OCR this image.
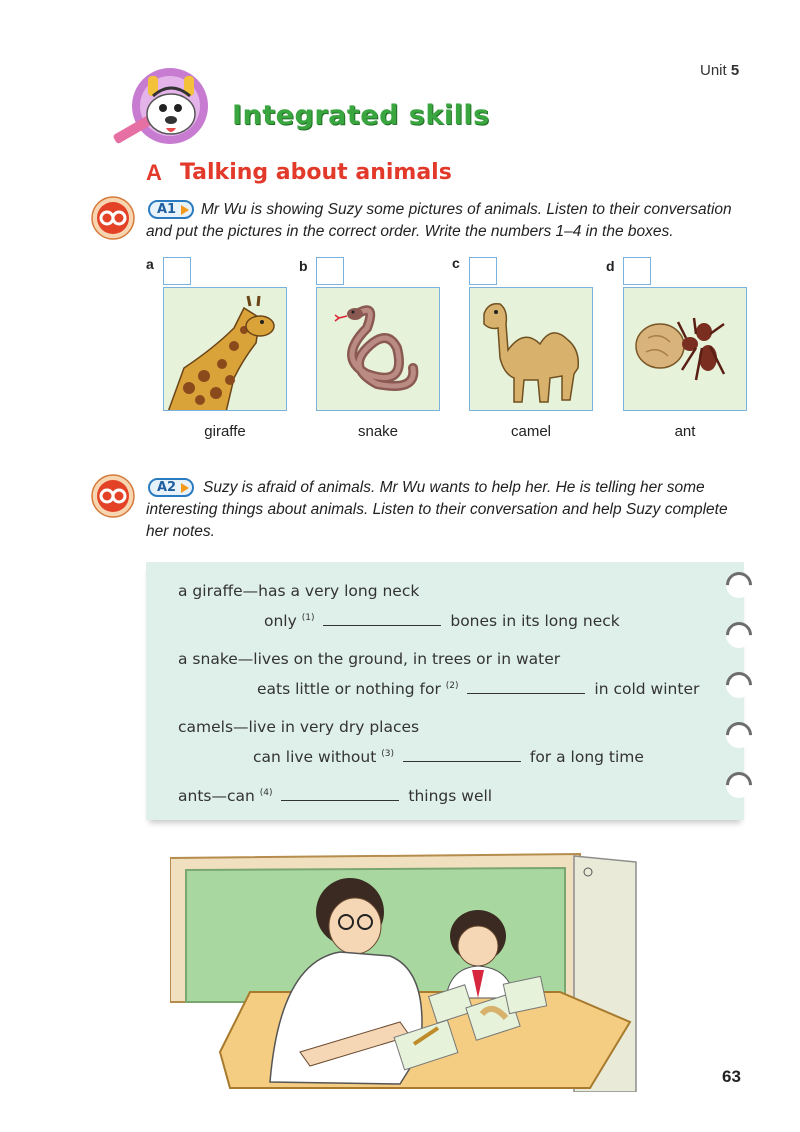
Unit 5
Integrated skills
A Talking about animals
A1 Mr Wu is showing Suzy some pictures of animals. Listen to their conversation
and put the pictures in the correct order. Write the numbers 1–4 in the boxes.
a
giraffe
b
snake
c
camel
d
ant
A2 Suzy is afraid of animals. Mr Wu wants to help her. He is telling her some
interesting things about animals. Listen to their conversation and help Suzy complete
her notes.
a giraffe—has a very long neck
only $^{(1)}$	bones in its long neck
a snake—lives on the ground, in trees or in water
eats little or nothing for $^{(2)}$	in cold winter
camels—live in very dry places
can live without $^{(3)}$	for a long time
ants—can $^{(4)}$	things well
63
